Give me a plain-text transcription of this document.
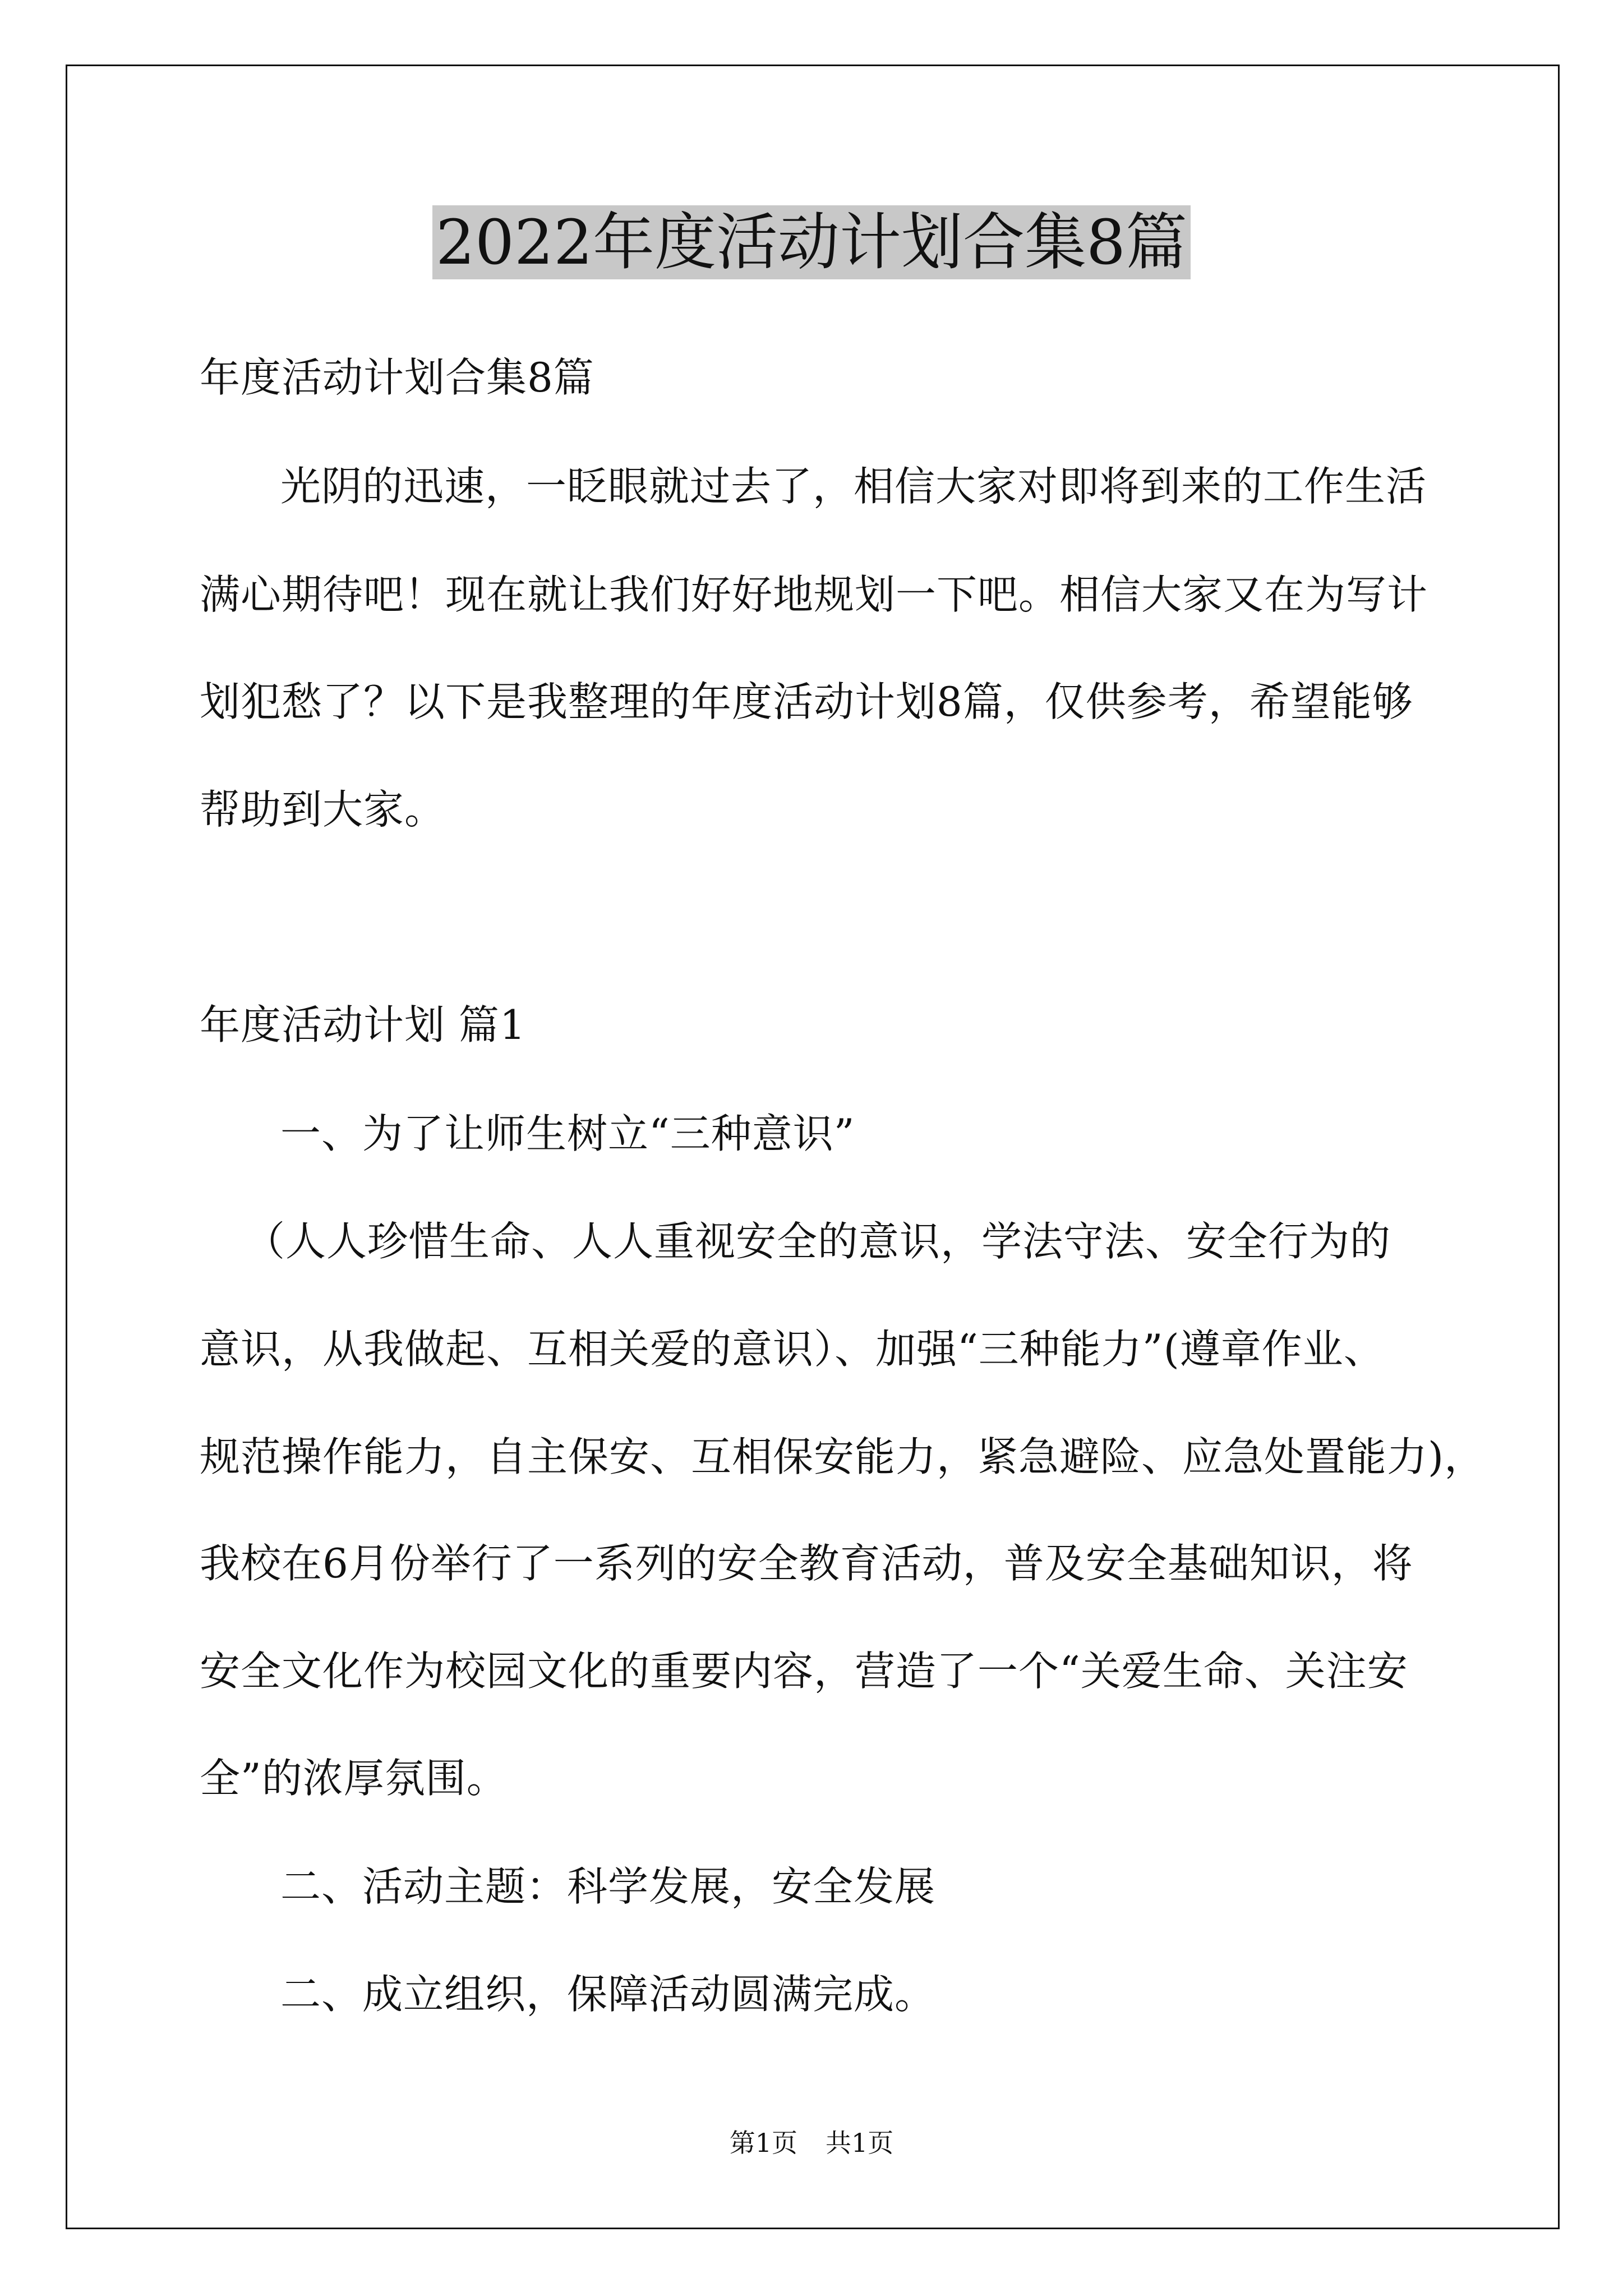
2022年度活动计划合集8篇
年度活动计划合集8篇
光阴的迅速，一眨眼就过去了，相信大家对即将到来的工作生活
满心期待吧！现在就让我们好好地规划一下吧。相信大家又在为写计
划犯愁了？以下是我整理的年度活动计划8篇，仅供参考，希望能够
帮助到大家。
年度活动计划 篇1
一、为了让师生树立“三种意识”
（人人珍惜生命、人人重视安全的意识，学法守法、安全行为的
意识，从我做起、互相关爱的意识）、加强“三种能力”(遵章作业、
规范操作能力，自主保安、互相保安能力，紧急避险、应急处置能力)，
我校在6月份举行了一系列的安全教育活动，普及安全基础知识，将
安全文化作为校园文化的重要内容，营造了一个“关爱生命、关注安
全”的浓厚氛围。
二、活动主题：科学发展，安全发展
二、成立组织，保障活动圆满完成。
第1页 共1页
